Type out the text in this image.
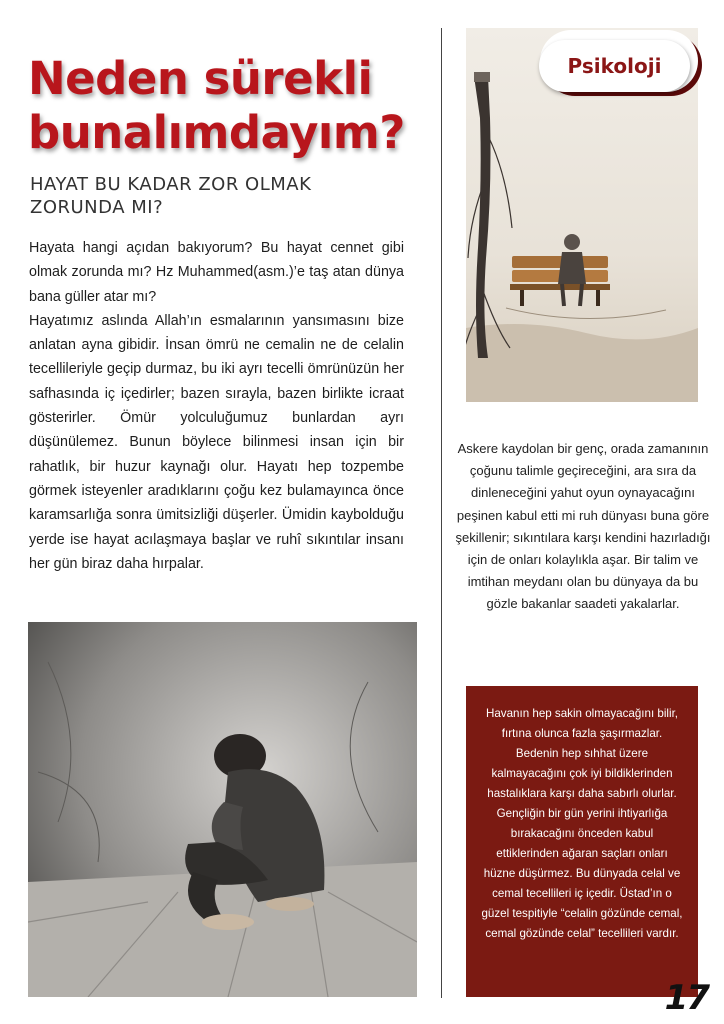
Neden sürekli bunalımdayım?
HAYAT BU KADAR ZOR OLMAK ZORUNDA MI?

Hayata hangi açıdan bakıyorum? Bu hayat cennet gibi olmak zorunda mı? Hz Muhammed(asm.)’e taş atan dünya bana güller atar mı?

Hayatımız aslında Allah’ın esmalarının yansımasını bize anlatan ayna gibidir. İnsan ömrü ne cemalin ne de celalin tecellileriyle geçip durmaz, bu iki ayrı tecelli ömrünüzün her safhasında iç içedirler; bazen sırayla, bazen birlikte icraat gösterirler. Ömür yolculuğumuz bunlardan ayrı düşünülemez. Bunun böylece bilinmesi insan için bir rahatlık, bir huzur kaynağı olur. Hayatı hep tozpembe görmek isteyenler aradıklarını çoğu kez bulamayınca önce karamsarlığa sonra ümitsizliği düşerler. Ümidin kaybolduğu yerde ise hayat acılaşmaya başlar ve ruhî sıkıntılar insanı her gün biraz daha hırpalar.

Psikoloji
Askere kaydolan bir genç, orada zamanının çoğunu talimle geçireceğini, ara sıra da dinleneceğini yahut oyun oynayacağını peşinen kabul etti mi ruh dünyası buna göre şekillenir; sıkıntılara karşı kendini hazırladığı için de onları kolaylıkla aşar. Bir talim ve imtihan meydanı olan bu dünyaya da bu gözle bakanlar saadeti yakalarlar.
Havanın hep sakin olmayacağını bilir, fırtına olunca fazla şaşırmazlar. Bedenin hep sıhhat üzere kalmayacağını çok iyi bildiklerinden hastalıklara karşı daha sabırlı olurlar. Gençliğin bir gün yerini ihtiyarlığa bırakacağını önceden kabul ettiklerinden ağaran saçları onları hüzne düşürmez. Bu dünyada celal ve cemal tecellileri iç içedir. Üstad’ın o güzel tespitiyle “celalin gözünde cemal, cemal gözünde celal” tecellileri vardır.
17
